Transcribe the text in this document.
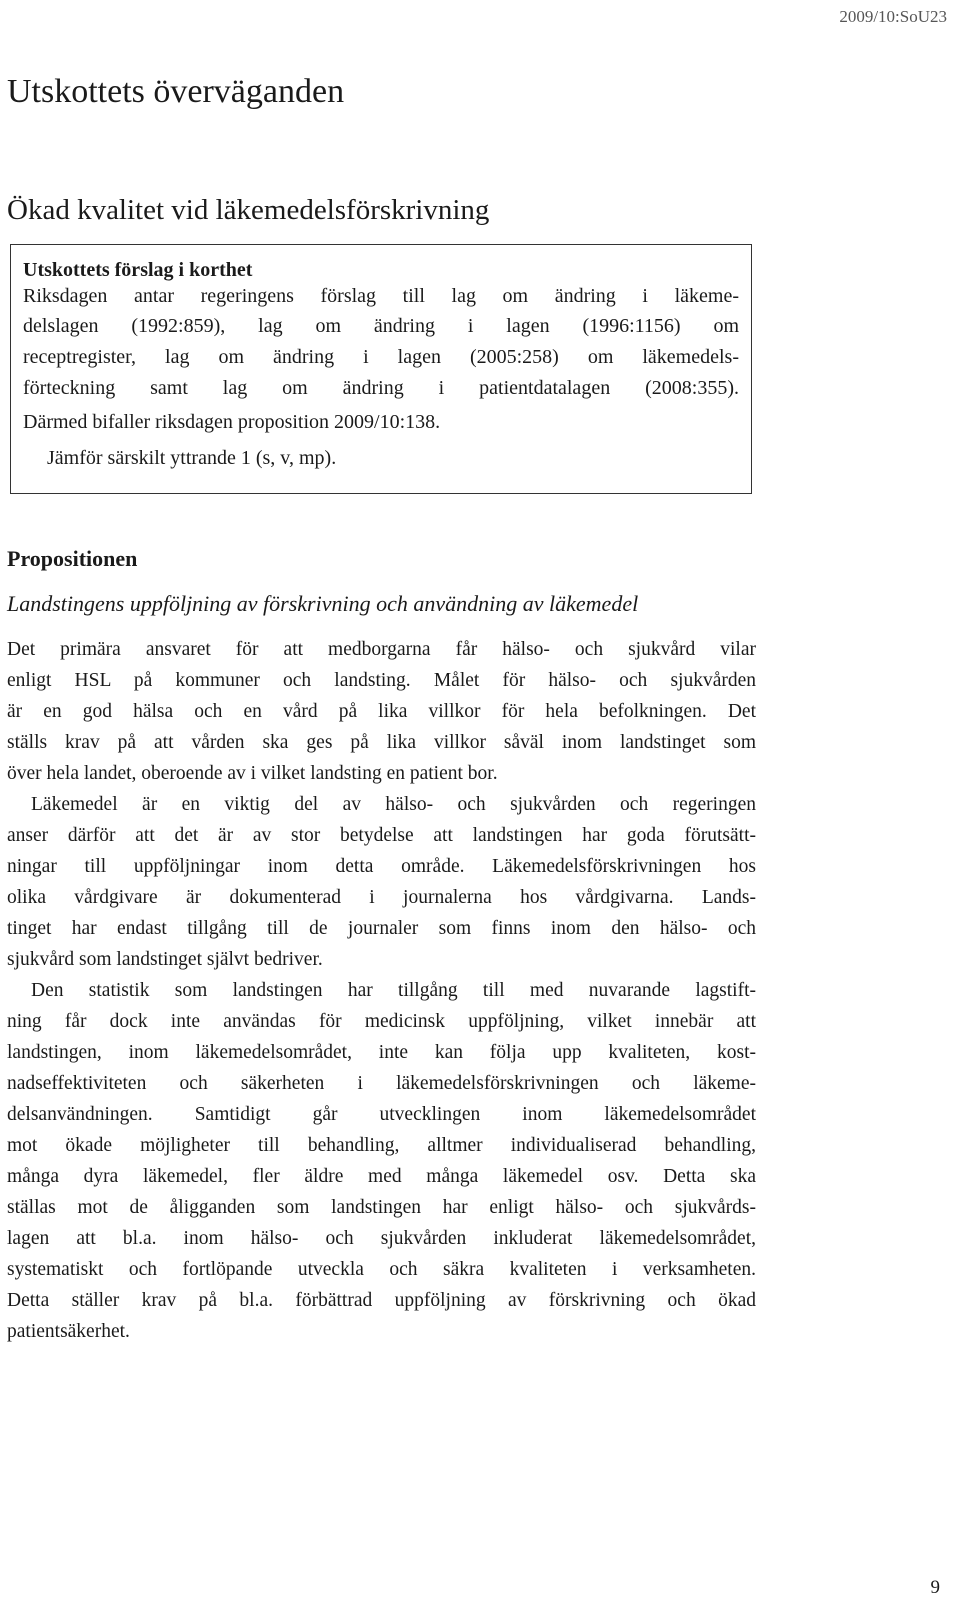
2009/10:SoU23
Utskottets överväganden
Ökad kvalitet vid läkemedelsförskrivning
Utskottets förslag i korthet
Riksdagen antar regeringens förslag till lag om ändring i läkeme-
delslagen (1992:859), lag om ändring i lagen (1996:1156) om
receptregister, lag om ändring i lagen (2005:258) om läkemedels-
förteckning samt lag om ändring i patientdatalagen (2008:355).
Därmed bifaller riksdagen proposition 2009/10:138.
Jämför särskilt yttrande 1 (s, v, mp).
Propositionen
Landstingens uppföljning av förskrivning och användning av läkemedel
Det primära ansvaret för att medborgarna får hälso- och sjukvård vilar
enligt HSL på kommuner och landsting. Målet för hälso- och sjukvården
är en god hälsa och en vård på lika villkor för hela befolkningen. Det
ställs krav på att vården ska ges på lika villkor såväl inom landstinget som
över hela landet, oberoende av i vilket landsting en patient bor.
Läkemedel är en viktig del av hälso- och sjukvården och regeringen
anser därför att det är av stor betydelse att landstingen har goda förutsätt-
ningar till uppföljningar inom detta område. Läkemedelsförskrivningen hos
olika vårdgivare är dokumenterad i journalerna hos vårdgivarna. Lands-
tinget har endast tillgång till de journaler som finns inom den hälso- och
sjukvård som landstinget självt bedriver.
Den statistik som landstingen har tillgång till med nuvarande lagstift-
ning får dock inte användas för medicinsk uppföljning, vilket innebär att
landstingen, inom läkemedelsområdet, inte kan följa upp kvaliteten, kost-
nadseffektiviteten och säkerheten i läkemedelsförskrivningen och läkeme-
delsanvändningen. Samtidigt går utvecklingen inom läkemedelsområdet
mot ökade möjligheter till behandling, alltmer individualiserad behandling,
många dyra läkemedel, fler äldre med många läkemedel osv. Detta ska
ställas mot de åligganden som landstingen har enligt hälso- och sjukvårds-
lagen att bl.a. inom hälso- och sjukvården inkluderat läkemedelsområdet,
systematiskt och fortlöpande utveckla och säkra kvaliteten i verksamheten.
Detta ställer krav på bl.a. förbättrad uppföljning av förskrivning och ökad
patientsäkerhet.
9
